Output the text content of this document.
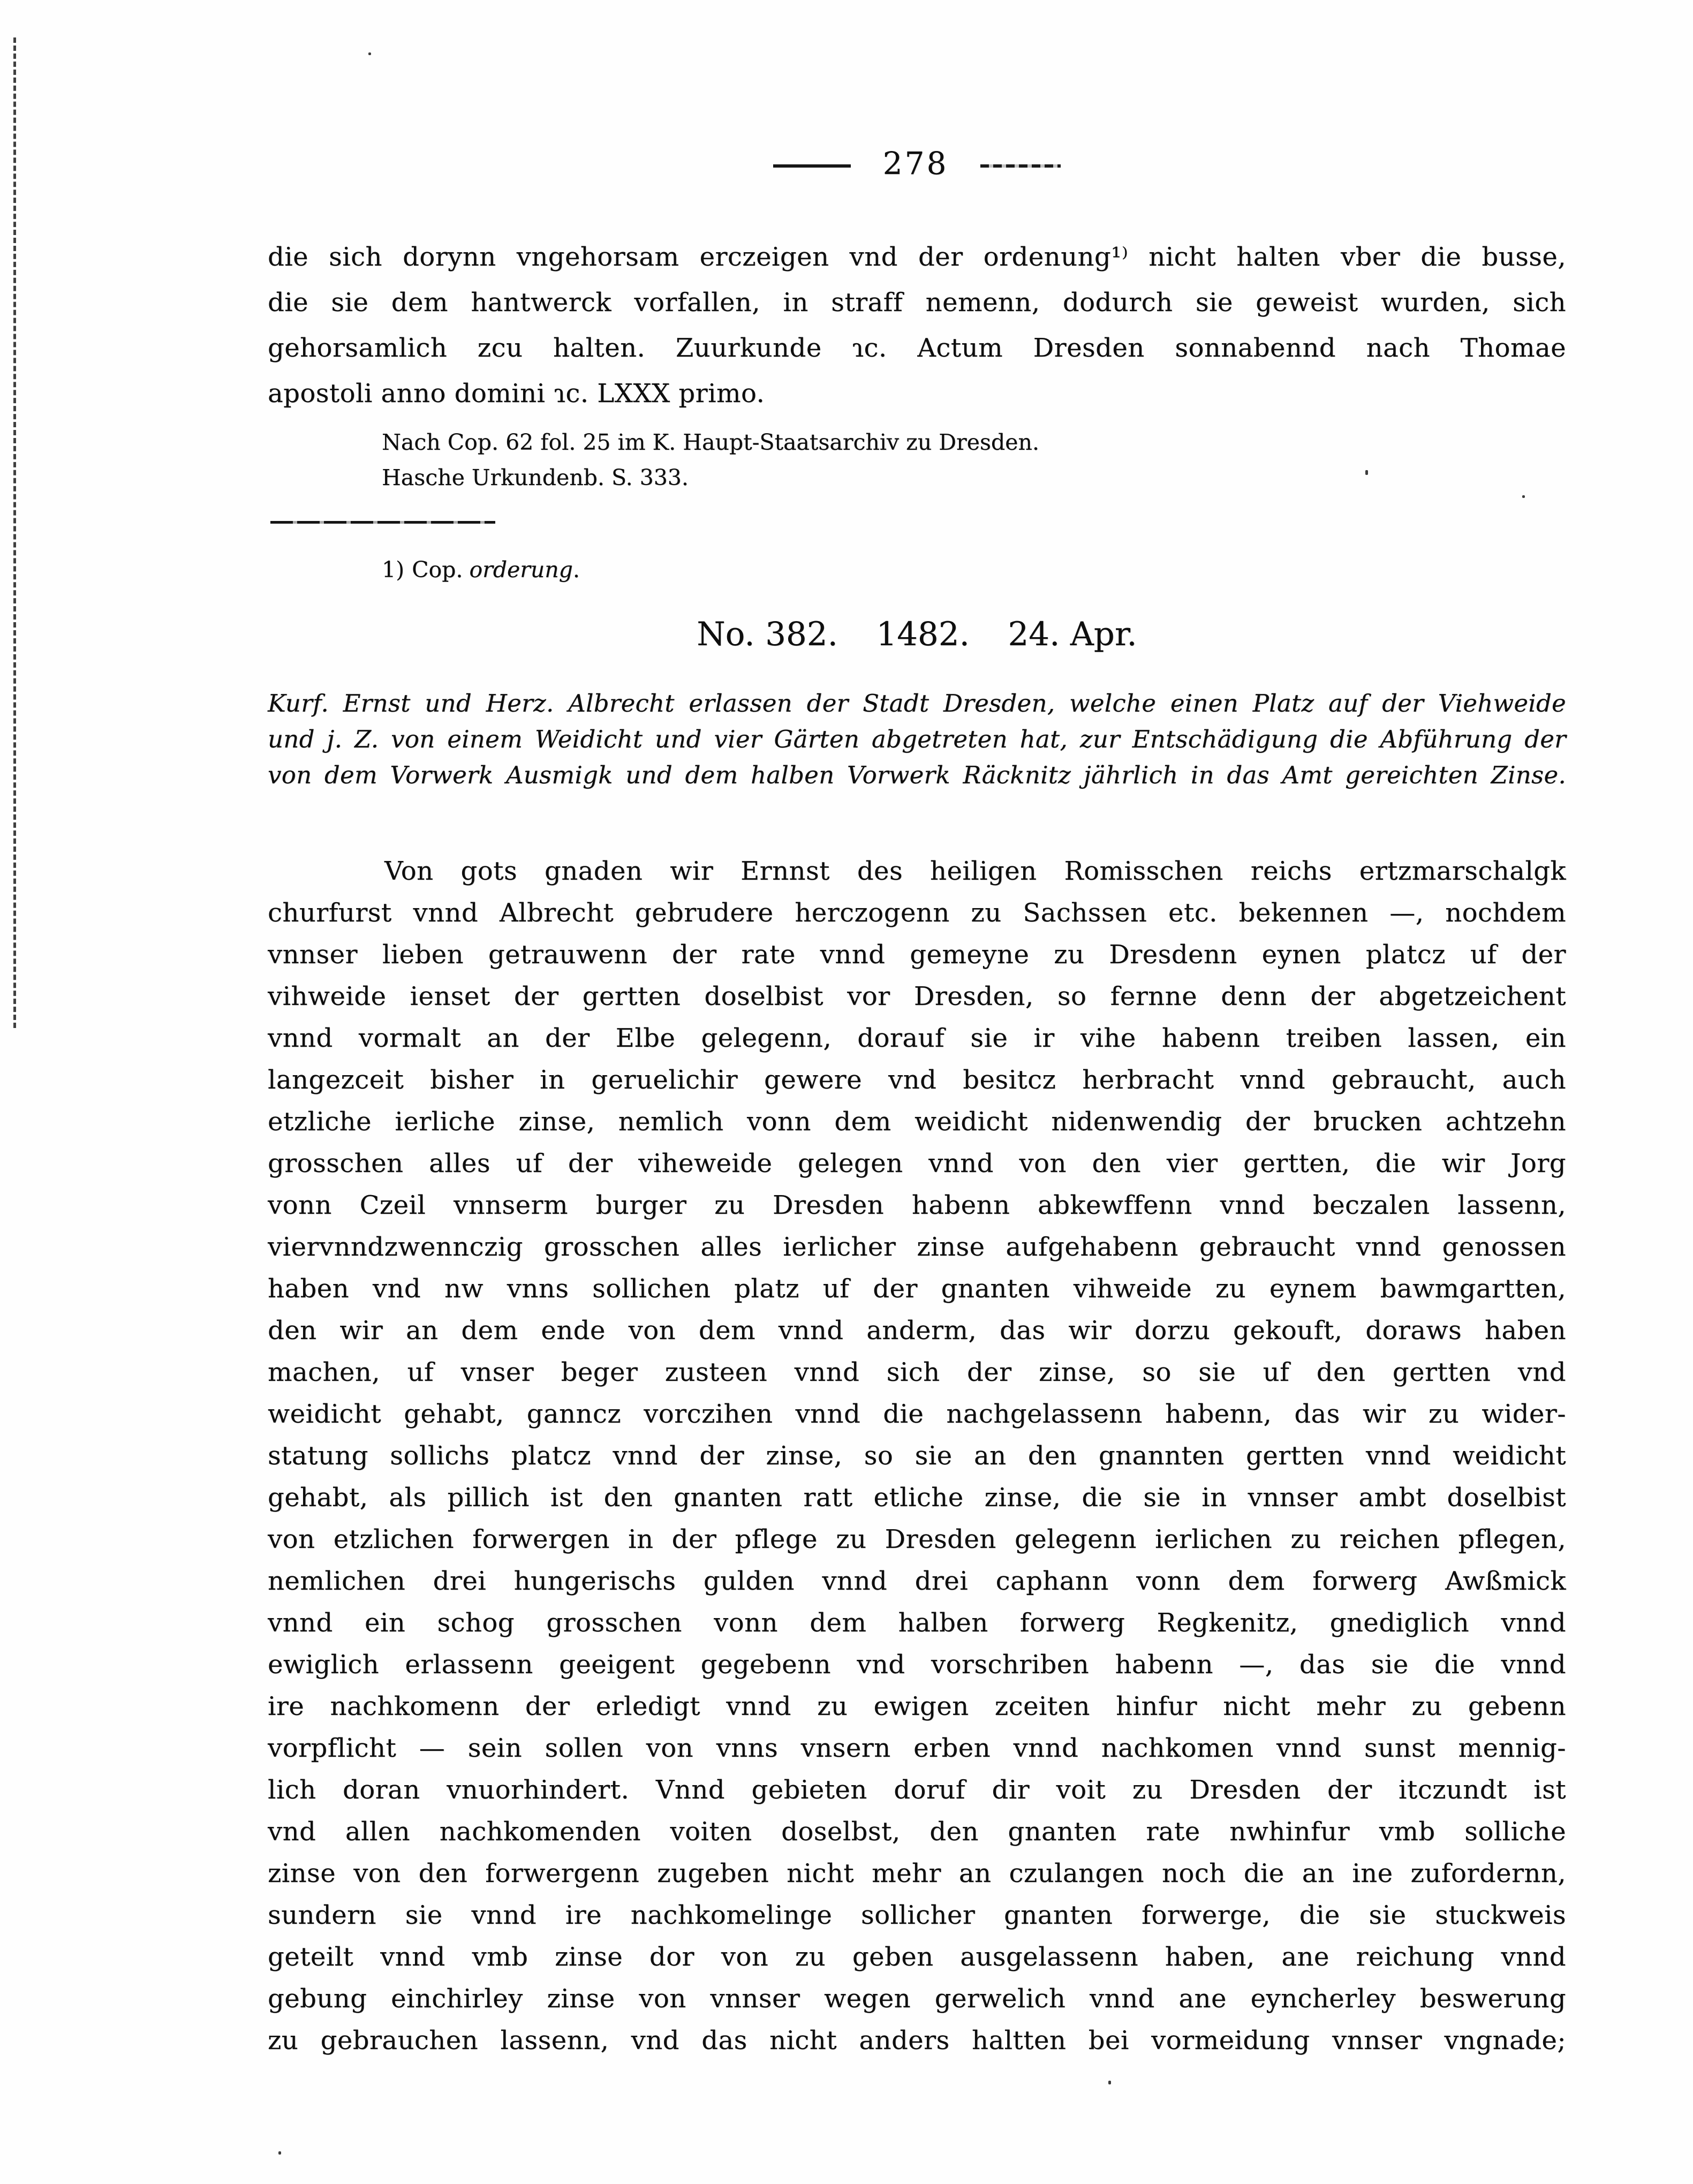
278
die sich dorynn vngehorsam erczeigen vnd der ordenung¹⁾ nicht halten vber die busse,
die sie dem hantwerck vorfallen, in straff nemenn, dodurch sie geweist wurden, sich
gehorsamlich zcu halten. Zuurkunde ɿc. Actum Dresden sonnabennd nach Thomae
apostoli anno domini ɿc. LXXX primo.
Nach Cop. 62 fol. 25 im K. Haupt-Staatsarchiv zu Dresden.
Hasche Urkundenb. S. 333.
1) Cop. orderung.
No. 382. 1482. 24. Apr.
Kurf. Ernst und Herz. Albrecht erlassen der Stadt Dresden, welche einen Platz auf der Viehweide
und j. Z. von einem Weidicht und vier Gärten abgetreten hat, zur Entschädigung die Abführung der
von dem Vorwerk Ausmigk und dem halben Vorwerk Räcknitz jährlich in das Amt gereichten Zinse.
Von gots gnaden wir Ernnst des heiligen Romisschen reichs ertzmarschalgk
churfurst vnnd Albrecht gebrudere herczogenn zu Sachssen etc. bekennen —, nochdem
vnnser lieben getrauwenn der rate vnnd gemeyne zu Dresdenn eynen platcz uf der
vihweide ienset der gertten doselbist vor Dresden, so fernne denn der abgetzeichent
vnnd vormalt an der Elbe gelegenn, dorauf sie ir vihe habenn treiben lassen, ein
langezceit bisher in geruelichir gewere vnd besitcz herbracht vnnd gebraucht, auch
etzliche ierliche zinse, nemlich vonn dem weidicht nidenwendig der brucken achtzehn
grosschen alles uf der viheweide gelegen vnnd von den vier gertten, die wir Jorg
vonn Czeil vnnserm burger zu Dresden habenn abkewffenn vnnd beczalen lassenn,
viervnndzwennczig grosschen alles ierlicher zinse aufgehabenn gebraucht vnnd genossen
haben vnd nw vnns sollichen platz uf der gnanten vihweide zu eynem bawmgartten,
den wir an dem ende von dem vnnd anderm, das wir dorzu gekouft, doraws haben
machen, uf vnser beger zusteen vnnd sich der zinse, so sie uf den gertten vnd
weidicht gehabt, ganncz vorczihen vnnd die nachgelassenn habenn, das wir zu wider-
statung sollichs platcz vnnd der zinse, so sie an den gnannten gertten vnnd weidicht
gehabt, als pillich ist den gnanten ratt etliche zinse, die sie in vnnser ambt doselbist
von etzlichen forwergen in der pflege zu Dresden gelegenn ierlichen zu reichen pflegen,
nemlichen drei hungerischs gulden vnnd drei caphann vonn dem forwerg Awßmick
vnnd ein schog grosschen vonn dem halben forwerg Regkenitz, gnediglich vnnd
ewiglich erlassenn geeigent gegebenn vnd vorschriben habenn —, das sie die vnnd
ire nachkomenn der erledigt vnnd zu ewigen zceiten hinfur nicht mehr zu gebenn
vorpflicht — sein sollen von vnns vnsern erben vnnd nachkomen vnnd sunst mennig-
lich doran vnuorhindert. Vnnd gebieten doruf dir voit zu Dresden der itczundt ist
vnd allen nachkomenden voiten doselbst, den gnanten rate nwhinfur vmb solliche
zinse von den forwergenn zugeben nicht mehr an czulangen noch die an ine zufordernn,
sundern sie vnnd ire nachkomelinge sollicher gnanten forwerge, die sie stuckweis
geteilt vnnd vmb zinse dor von zu geben ausgelassenn haben, ane reichung vnnd
gebung einchirley zinse von vnnser wegen gerwelich vnnd ane eyncherley beswerung
zu gebrauchen lassenn, vnd das nicht anders haltten bei vormeidung vnnser vngnade;
